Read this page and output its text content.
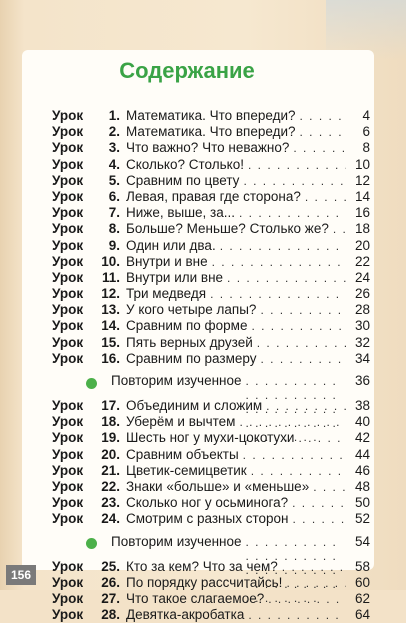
Содержание
Урок	1. Математика. Что впереди? . . .	4
Урок	2. Математика. Что впереди? . . .	6
Урок	3. Что важно? Что неважно? . . .	8
Урок	4. Сколько? Столько! . . .	10
Урок	5. Сравним по цвету . . .	12
Урок	6. Левая, правая где сторона? . . .	14
Урок	7. Ниже, выше, за... . . .	16
Урок	8. Больше? Меньше? Столько же? . . .	18
Урок	9. Один или два. . . .	20
Урок	10. Внутри и вне . . .	22
Урок	11. Внутри или вне . . .	24
Урок	12. Три медведя . . .	26
Урок	13. У кого четыре лапы? . . .	28
Урок	14. Сравним по форме . . .	30
Урок	15. Пять верных друзей . . .	32
Урок	16. Сравним по размеру . . .	34
Повторим изученное . . .	36
Урок	17. Объединим и сложим . . .	38
Урок	18. Уберём и вычтем . . .	40
Урок	19. Шесть ног у мухи-цокотухи . . .	42
Урок	20. Сравним объекты . . .	44
Урок	21. Цветик-семицветик . . .	46
Урок	22. Знаки «больше» и «меньше» . . .	48
Урок	23. Сколько ног у осьминога? . . .	50
Урок	24. Смотрим с разных сторон . . .	52
Повторим изученное . . .	54
Урок	25. Кто за кем? Что за чем? . . .	58
Урок	26. По порядку рассчитайсь! . . .	60
Урок	27. Что такое слагаемое? . . .	62
Урок	28. Девятка-акробатка . . .	64
156
